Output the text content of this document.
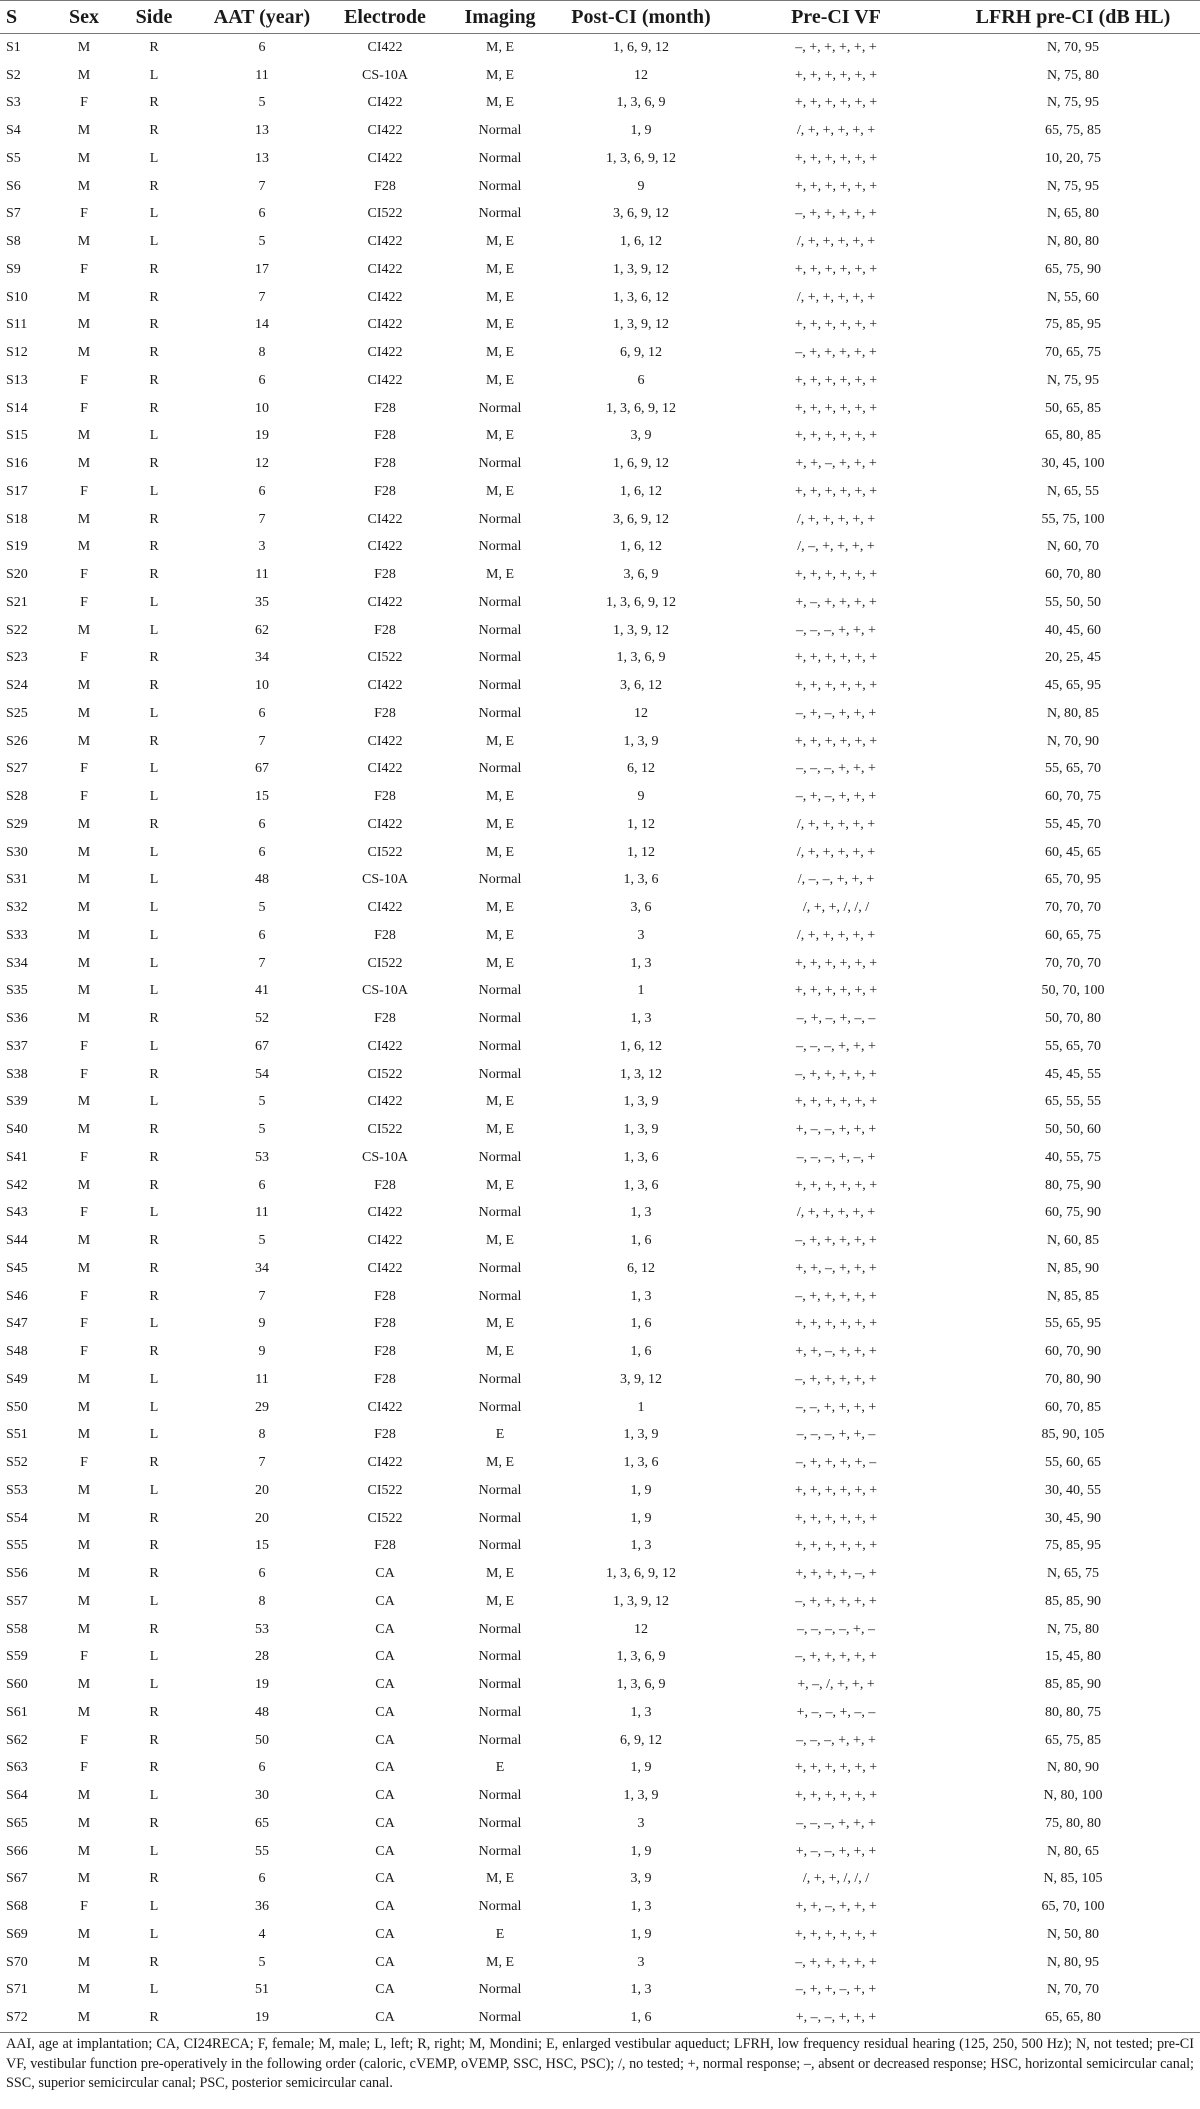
S	Sex	Side	AAT (year)	Electrode	Imaging	Post-CI (month)	Pre-CI VF	LFRH pre-CI (dB HL)
S1	M	R	6	CI422	M, E	1, 6, 9, 12	–, +, +, +, +, +	N, 70, 95
S2	M	L	11	CS-10A	M, E	12	+, +, +, +, +, +	N, 75, 80
S3	F	R	5	CI422	M, E	1, 3, 6, 9	+, +, +, +, +, +	N, 75, 95
S4	M	R	13	CI422	Normal	1, 9	/, +, +, +, +, +	65, 75, 85
S5	M	L	13	CI422	Normal	1, 3, 6, 9, 12	+, +, +, +, +, +	10, 20, 75
S6	M	R	7	F28	Normal	9	+, +, +, +, +, +	N, 75, 95
S7	F	L	6	CI522	Normal	3, 6, 9, 12	–, +, +, +, +, +	N, 65, 80
S8	M	L	5	CI422	M, E	1, 6, 12	/, +, +, +, +, +	N, 80, 80
S9	F	R	17	CI422	M, E	1, 3, 9, 12	+, +, +, +, +, +	65, 75, 90
S10	M	R	7	CI422	M, E	1, 3, 6, 12	/, +, +, +, +, +	N, 55, 60
S11	M	R	14	CI422	M, E	1, 3, 9, 12	+, +, +, +, +, +	75, 85, 95
S12	M	R	8	CI422	M, E	6, 9, 12	–, +, +, +, +, +	70, 65, 75
S13	F	R	6	CI422	M, E	6	+, +, +, +, +, +	N, 75, 95
S14	F	R	10	F28	Normal	1, 3, 6, 9, 12	+, +, +, +, +, +	50, 65, 85
S15	M	L	19	F28	M, E	3, 9	+, +, +, +, +, +	65, 80, 85
S16	M	R	12	F28	Normal	1, 6, 9, 12	+, +, –, +, +, +	30, 45, 100
S17	F	L	6	F28	M, E	1, 6, 12	+, +, +, +, +, +	N, 65, 55
S18	M	R	7	CI422	Normal	3, 6, 9, 12	/, +, +, +, +, +	55, 75, 100
S19	M	R	3	CI422	Normal	1, 6, 12	/, –, +, +, +, +	N, 60, 70
S20	F	R	11	F28	M, E	3, 6, 9	+, +, +, +, +, +	60, 70, 80
S21	F	L	35	CI422	Normal	1, 3, 6, 9, 12	+, –, +, +, +, +	55, 50, 50
S22	M	L	62	F28	Normal	1, 3, 9, 12	–, –, –, +, +, +	40, 45, 60
S23	F	R	34	CI522	Normal	1, 3, 6, 9	+, +, +, +, +, +	20, 25, 45
S24	M	R	10	CI422	Normal	3, 6, 12	+, +, +, +, +, +	45, 65, 95
S25	M	L	6	F28	Normal	12	–, +, –, +, +, +	N, 80, 85
S26	M	R	7	CI422	M, E	1, 3, 9	+, +, +, +, +, +	N, 70, 90
S27	F	L	67	CI422	Normal	6, 12	–, –, –, +, +, +	55, 65, 70
S28	F	L	15	F28	M, E	9	–, +, –, +, +, +	60, 70, 75
S29	M	R	6	CI422	M, E	1, 12	/, +, +, +, +, +	55, 45, 70
S30	M	L	6	CI522	M, E	1, 12	/, +, +, +, +, +	60, 45, 65
S31	M	L	48	CS-10A	Normal	1, 3, 6	/, –, –, +, +, +	65, 70, 95
S32	M	L	5	CI422	M, E	3, 6	/, +, +, /, /, /	70, 70, 70
S33	M	L	6	F28	M, E	3	/, +, +, +, +, +	60, 65, 75
S34	M	L	7	CI522	M, E	1, 3	+, +, +, +, +, +	70, 70, 70
S35	M	L	41	CS-10A	Normal	1	+, +, +, +, +, +	50, 70, 100
S36	M	R	52	F28	Normal	1, 3	–, +, –, +, –, –	50, 70, 80
S37	F	L	67	CI422	Normal	1, 6, 12	–, –, –, +, +, +	55, 65, 70
S38	F	R	54	CI522	Normal	1, 3, 12	–, +, +, +, +, +	45, 45, 55
S39	M	L	5	CI422	M, E	1, 3, 9	+, +, +, +, +, +	65, 55, 55
S40	M	R	5	CI522	M, E	1, 3, 9	+, –, –, +, +, +	50, 50, 60
S41	F	R	53	CS-10A	Normal	1, 3, 6	–, –, –, +, –, +	40, 55, 75
S42	M	R	6	F28	M, E	1, 3, 6	+, +, +, +, +, +	80, 75, 90
S43	F	L	11	CI422	Normal	1, 3	/, +, +, +, +, +	60, 75, 90
S44	M	R	5	CI422	M, E	1, 6	–, +, +, +, +, +	N, 60, 85
S45	M	R	34	CI422	Normal	6, 12	+, +, –, +, +, +	N, 85, 90
S46	F	R	7	F28	Normal	1, 3	–, +, +, +, +, +	N, 85, 85
S47	F	L	9	F28	M, E	1, 6	+, +, +, +, +, +	55, 65, 95
S48	F	R	9	F28	M, E	1, 6	+, +, –, +, +, +	60, 70, 90
S49	M	L	11	F28	Normal	3, 9, 12	–, +, +, +, +, +	70, 80, 90
S50	M	L	29	CI422	Normal	1	–, –, +, +, +, +	60, 70, 85
S51	M	L	8	F28	E	1, 3, 9	–, –, –, +, +, –	85, 90, 105
S52	F	R	7	CI422	M, E	1, 3, 6	–, +, +, +, +, –	55, 60, 65
S53	M	L	20	CI522	Normal	1, 9	+, +, +, +, +, +	30, 40, 55
S54	M	R	20	CI522	Normal	1, 9	+, +, +, +, +, +	30, 45, 90
S55	M	R	15	F28	Normal	1, 3	+, +, +, +, +, +	75, 85, 95
S56	M	R	6	CA	M, E	1, 3, 6, 9, 12	+, +, +, +, –, +	N, 65, 75
S57	M	L	8	CA	M, E	1, 3, 9, 12	–, +, +, +, +, +	85, 85, 90
S58	M	R	53	CA	Normal	12	–, –, –, –, +, –	N, 75, 80
S59	F	L	28	CA	Normal	1, 3, 6, 9	–, +, +, +, +, +	15, 45, 80
S60	M	L	19	CA	Normal	1, 3, 6, 9	+, –, /, +, +, +	85, 85, 90
S61	M	R	48	CA	Normal	1, 3	+, –, –, +, –, –	80, 80, 75
S62	F	R	50	CA	Normal	6, 9, 12	–, –, –, +, +, +	65, 75, 85
S63	F	R	6	CA	E	1, 9	+, +, +, +, +, +	N, 80, 90
S64	M	L	30	CA	Normal	1, 3, 9	+, +, +, +, +, +	N, 80, 100
S65	M	R	65	CA	Normal	3	–, –, –, +, +, +	75, 80, 80
S66	M	L	55	CA	Normal	1, 9	+, –, –, +, +, +	N, 80, 65
S67	M	R	6	CA	M, E	3, 9	/, +, +, /, /, /	N, 85, 105
S68	F	L	36	CA	Normal	1, 3	+, +, –, +, +, +	65, 70, 100
S69	M	L	4	CA	E	1, 9	+, +, +, +, +, +	N, 50, 80
S70	M	R	5	CA	M, E	3	–, +, +, +, +, +	N, 80, 95
S71	M	L	51	CA	Normal	1, 3	–, +, +, –, +, +	N, 70, 70
S72	M	R	19	CA	Normal	1, 6	+, –, –, +, +, +	65, 65, 80
AAI, age at implantation; CA, CI24RECA; F, female; M, male; L, left; R, right; M, Mondini; E, enlarged vestibular aqueduct; LFRH, low frequency residual hearing (125, 250, 500 Hz); N, not tested; pre-CI VF, vestibular function pre-operatively in the following order (caloric, cVEMP, oVEMP, SSC, HSC, PSC); /, no tested; +, normal response; –, absent or decreased response; HSC, horizontal semicircular canal; SSC, superior semicircular canal; PSC, posterior semicircular canal.
